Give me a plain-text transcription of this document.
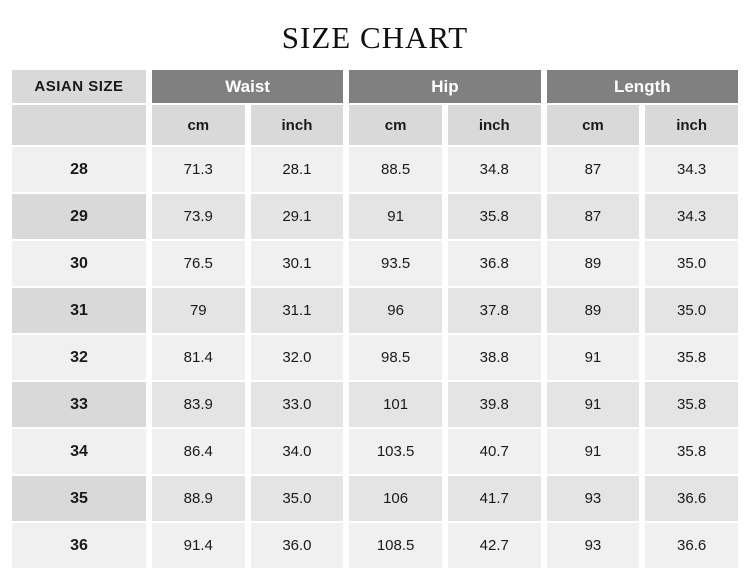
SIZE CHART
ASIAN SIZE	Waist		Hip		Length	
	cm	inch	cm	inch	cm	inch
28	71.3	28.1	88.5	34.8	87	34.3
29	73.9	29.1	91	35.8	87	34.3
30	76.5	30.1	93.5	36.8	89	35.0
31	79	31.1	96	37.8	89	35.0
32	81.4	32.0	98.5	38.8	91	35.8
33	83.9	33.0	101	39.8	91	35.8
34	86.4	34.0	103.5	40.7	91	35.8
35	88.9	35.0	106	41.7	93	36.6
36	91.4	36.0	108.5	42.7	93	36.6
